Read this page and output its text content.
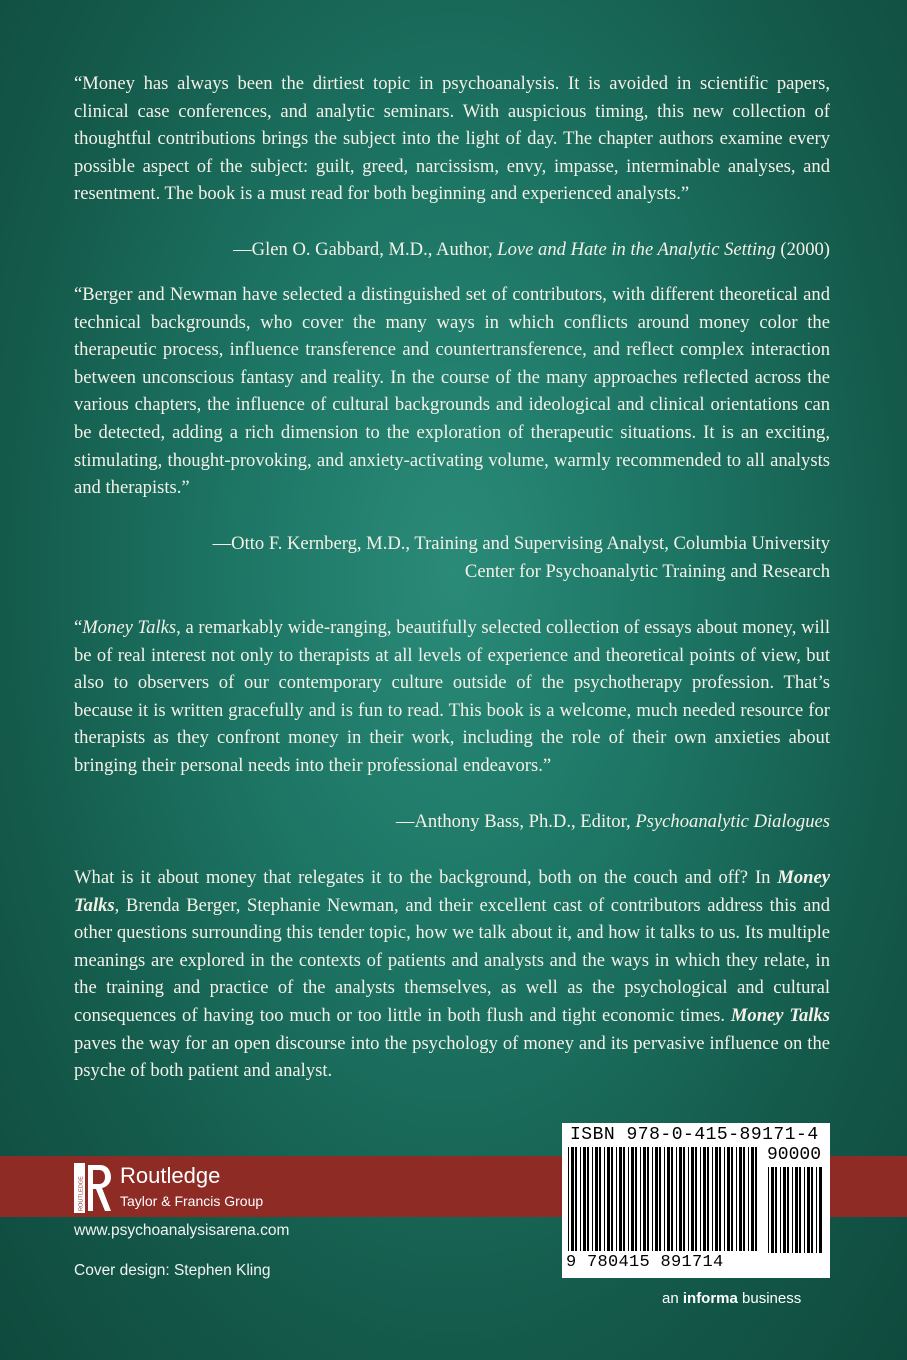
“Money has always been the dirtiest topic in psychoanalysis. It is avoided in scientific papers, clinical case conferences, and analytic seminars. With auspicious timing, this new collection of thoughtful contributions brings the subject into the light of day. The chapter authors examine every possible aspect of the subject: guilt, greed, narcissism, envy, impasse, interminable analyses, and resentment. The book is a must read for both beginning and experienced analysts.”
—Glen O. Gabbard, M.D., Author, Love and Hate in the Analytic Setting (2000)
“Berger and Newman have selected a distinguished set of contributors, with different theoretical and technical backgrounds, who cover the many ways in which conflicts around money color the therapeutic process, influence transference and countertransference, and reflect complex interaction between unconscious fantasy and reality. In the course of the many approaches reflected across the various chapters, the influence of cultural backgrounds and ideological and clinical orientations can be detected, adding a rich dimension to the exploration of therapeutic situations. It is an exciting, stimulating, thought-provoking, and anxiety-activating volume, warmly recommended to all analysts and therapists.”
—Otto F. Kernberg, M.D., Training and Supervising Analyst, Columbia University
Center for Psychoanalytic Training and Research
“Money Talks, a remarkably wide-ranging, beautifully selected collection of essays about money, will be of real interest not only to therapists at all levels of experience and theoretical points of view, but also to observers of our contemporary culture outside of the psychotherapy profession. That’s because it is written gracefully and is fun to read. This book is a welcome, much needed resource for therapists as they confront money in their work, including the role of their own anxieties about bringing their personal needs into their professional endeavors.”
—Anthony Bass, Ph.D., Editor, Psychoanalytic Dialogues
What is it about money that relegates it to the background, both on the couch and off? In Money Talks, Brenda Berger, Stephanie Newman, and their excellent cast of contributors address this and other questions surrounding this tender topic, how we talk about it, and how it talks to us. Its multiple meanings are explored in the contexts of patients and analysts and the ways in which they relate, in the training and practice of the analysts themselves, as well as the psychological and cultural consequences of having too much or too little in both flush and tight economic times. Money Talks paves the way for an open discourse into the psychology of money and its pervasive influence on the psyche of both patient and analyst.
ROUTLEDGE
Routledge
Taylor & Francis Group
www.psychoanalysisarena.com
Cover design: Stephen Kling
ISBN 978-0-415-89171-4
90000
9 780415 891714
an informa business
